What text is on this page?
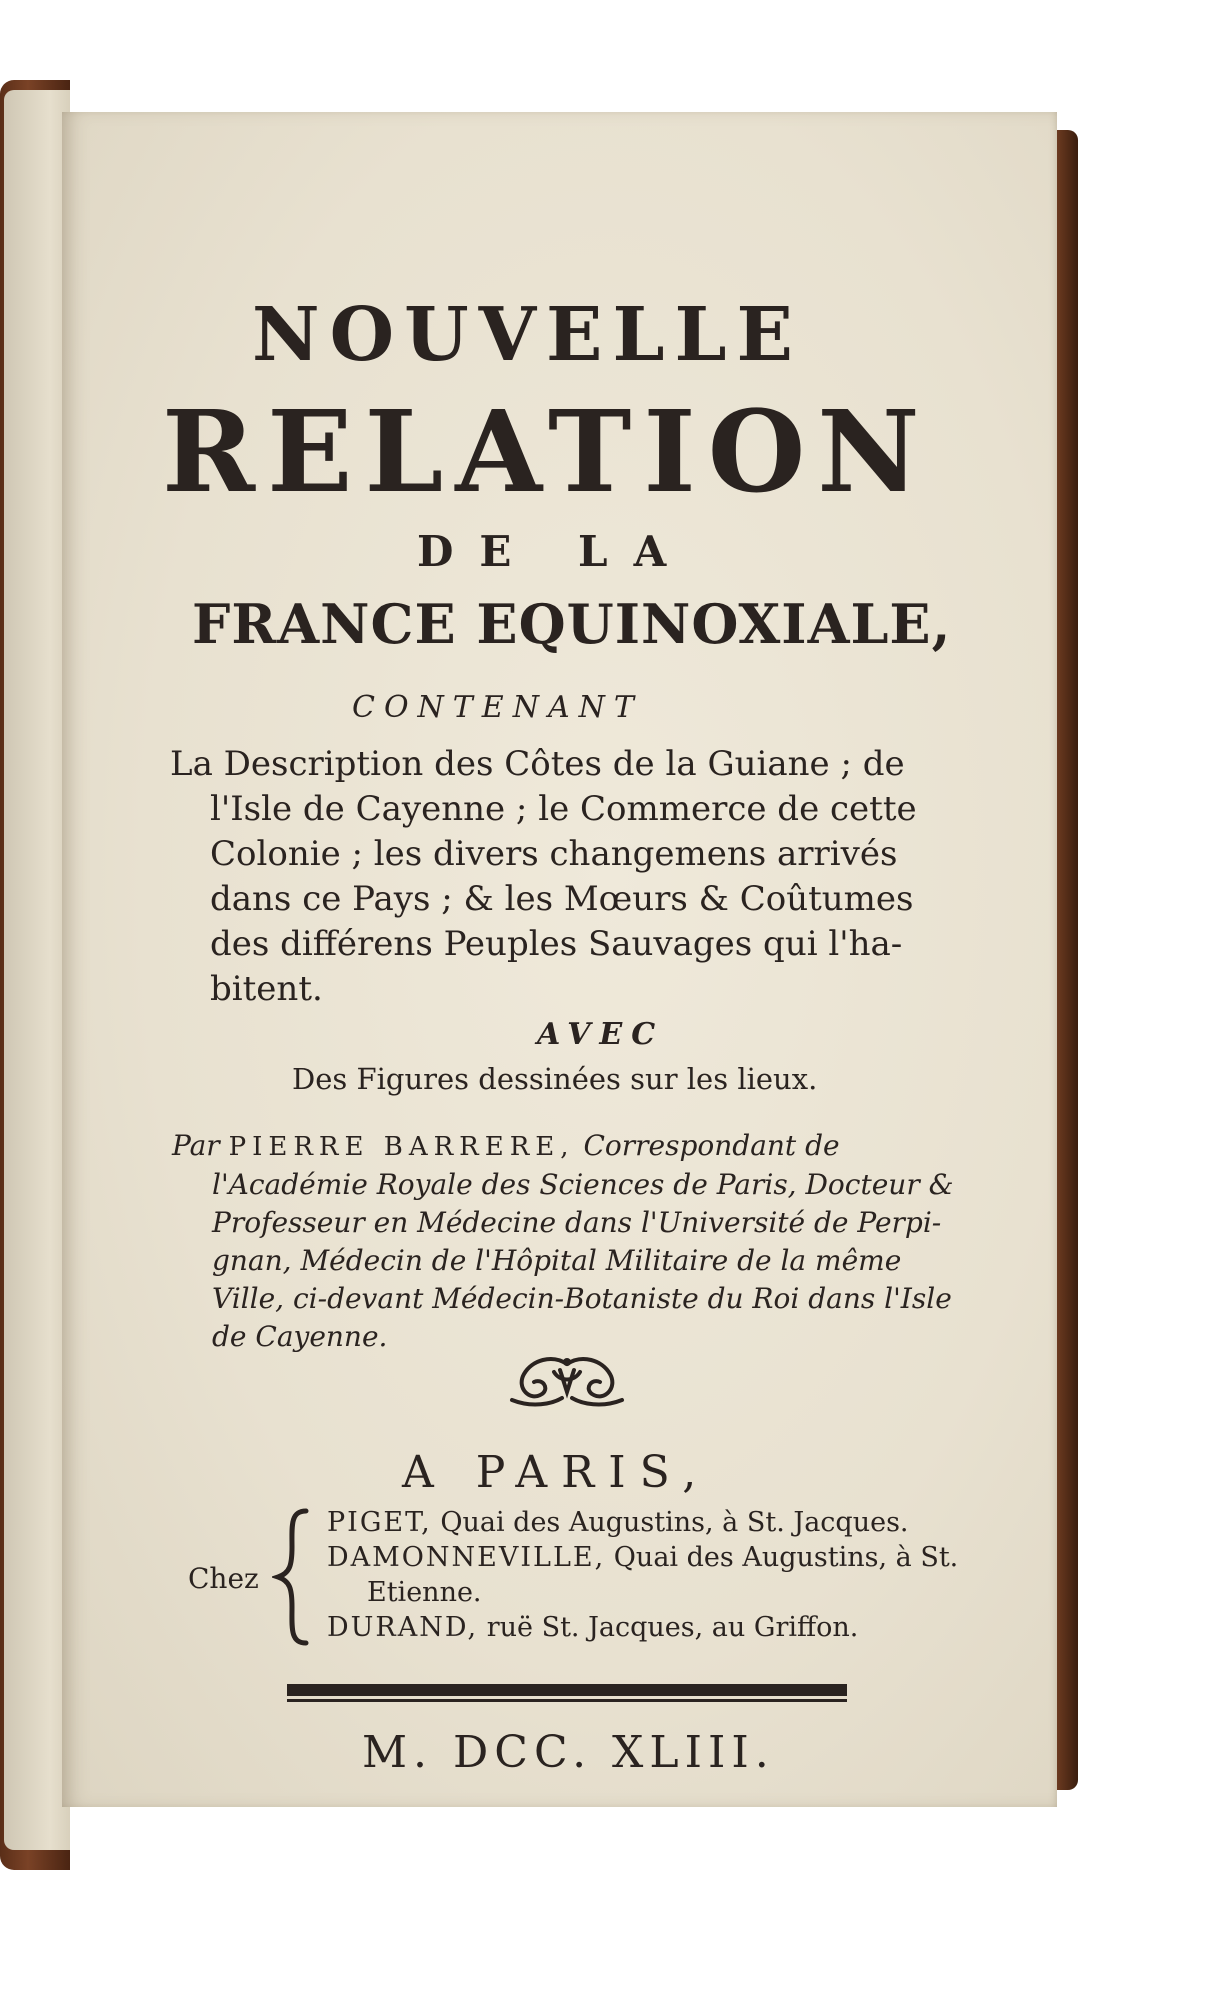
NOUVELLE
RELATION
DE LA
FRANCE EQUINOXIALE,
CONTENANT
La Description des Côtes de la Guiane ; de
l'Isle de Cayenne ; le Commerce de cette
Colonie ; les divers changemens arrivés
dans ce Pays ; & les Mœurs & Coûtumes
des différens Peuples Sauvages qui l'ha-
bitent.
AVEC
Des Figures dessinées sur les lieux.
Par PIERRE BARRERE, Correspondant de
l'Académie Royale des Sciences de Paris, Docteur &
Professeur en Médecine dans l'Université de Perpi-
gnan, Médecin de l'Hôpital Militaire de la même
Ville, ci-devant Médecin-Botaniste du Roi dans l'Isle
de Cayenne.
A PARIS,
Chez
PIGET, Quai des Augustins, à St. Jacques.
DAMONNEVILLE, Quai des Augustins, à St.
Etienne.
DURAND, ruë St. Jacques, au Griffon.
M. DCC. XLIII.
